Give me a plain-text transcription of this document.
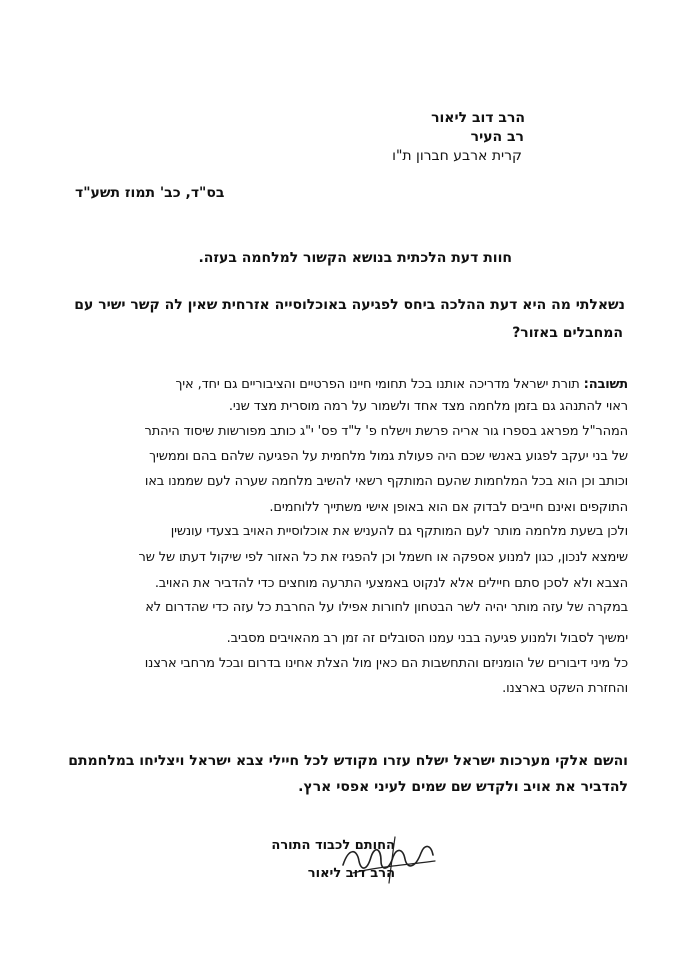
הרב דוב ליאור
רב העיר
קרית ארבע חברון ת"ו
בס"ד, כב' תמוז תשע"ד
חוות דעת הלכתית בנושא הקשור למלחמה בעזה.
נשאלתי מה היא דעת ההלכה ביחס לפגיעה באוכלוסייה אזרחית שאין לה קשר ישיר עם
המחבלים באזור?
תשובה: תורת ישראל מדריכה אותנו בכל תחומי חיינו הפרטיים והציבוריים גם יחד, איך
ראוי להתנהג גם בזמן מלחמה מצד אחד ולשמור על רמה מוסרית מצד שני.
המהר"ל מפראג בספרו גור אריה פרשת וישלח פ' ל"ד פס' י"ג כותב מפורשות שיסוד היהתר
של בני יעקב לפגוע באנשי שכם היה פעולת גמול מלחמית על הפגיעה שלהם בהם וממשיך
וכותב וכן הוא בכל המלחמות שהעם המותקף רשאי להשיב מלחמה שערה לעם שממנו באו
התוקפים ואינם חייבים לבדוק אם הוא באופן אישי משתייך ללוחמים.
ולכן בשעת מלחמה מותר לעם המותקף גם להעניש את אוכלוסיית האויב בצעדי עונשין
שימצא לנכון, כגון למנוע אספקה או חשמל וכן להפגיז את כל האזור לפי שיקול דעתו של שר
הצבא ולא לסכן סתם חיילים אלא לנקוט באמצעי התרעה מוחצים כדי להדביר את האויב.
במקרה של עזה מותר יהיה לשר הבטחון לחורות אפילו על החרבת כל עזה כדי שהדרום לא
ימשיך לסבול ולמנוע פגיעה בבני עמנו הסובלים זה זמן רב מהאויבים מסביב.
כל מיני דיבורים של הומניזם והתחשבות הם כאין מול הצלת אחינו בדרום ובכל מרחבי ארצנו
והחזרת השקט בארצנו.
והשם אלקי מערכות ישראל ישלח עזרו מקודש לכל חיילי צבא ישראל ויצליחו במלחמתם
להדביר את אויב ולקדש שם שמים לעיני אפסי ארץ.
החותם לכבוד התורה
הרב דוב ליאור
